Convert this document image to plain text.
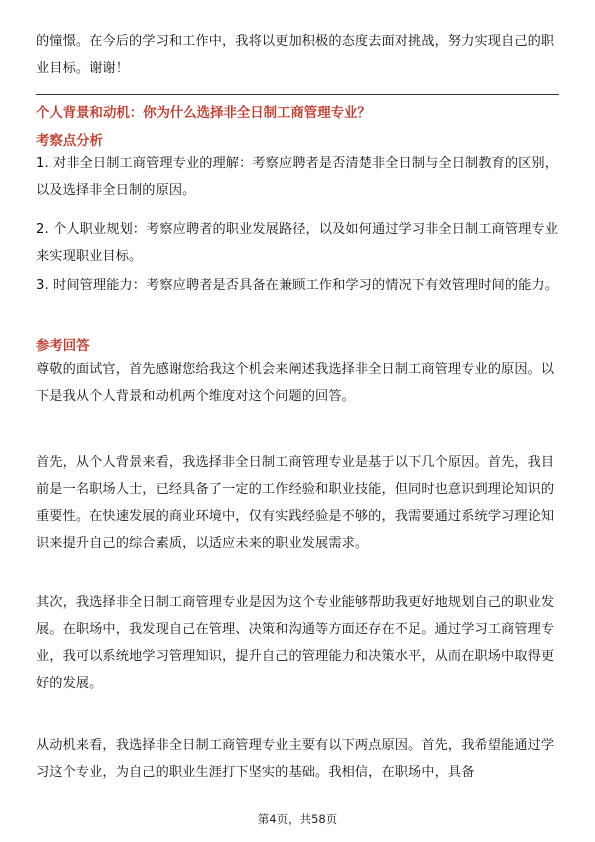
的憧憬。在今后的学习和工作中，我将以更加积极的态度去面对挑战，努力实现自己的职业目标。谢谢！

个人背景和动机：你为什么选择非全日制工商管理专业？
考察点分析

1. 对非全日制工商管理专业的理解：考察应聘者是否清楚非全日制与全日制教育的区别，以及选择非全日制的原因。

2. 个人职业规划：考察应聘者的职业发展路径，以及如何通过学习非全日制工商管理专业来实现职业目标。

3. 时间管理能力：考察应聘者是否具备在兼顾工作和学习的情况下有效管理时间的能力。

参考回答

尊敬的面试官，首先感谢您给我这个机会来阐述我选择非全日制工商管理专业的原因。以下是我从个人背景和动机两个维度对这个问题的回答。

首先，从个人背景来看，我选择非全日制工商管理专业是基于以下几个原因。首先，我目前是一名职场人士，已经具备了一定的工作经验和职业技能，但同时也意识到理论知识的重要性。在快速发展的商业环境中，仅有实践经验是不够的，我需要通过系统学习理论知识来提升自己的综合素质，以适应未来的职业发展需求。

其次，我选择非全日制工商管理专业是因为这个专业能够帮助我更好地规划自己的职业发展。在职场中，我发现自己在管理、决策和沟通等方面还存在不足。通过学习工商管理专业，我可以系统地学习管理知识，提升自己的管理能力和决策水平，从而在职场中取得更好的发展。

从动机来看，我选择非全日制工商管理专业主要有以下两点原因。首先，我希望能通过学习这个专业，为自己的职业生涯打下坚实的基础。我相信，在职场中，具备

第4页，共58页
